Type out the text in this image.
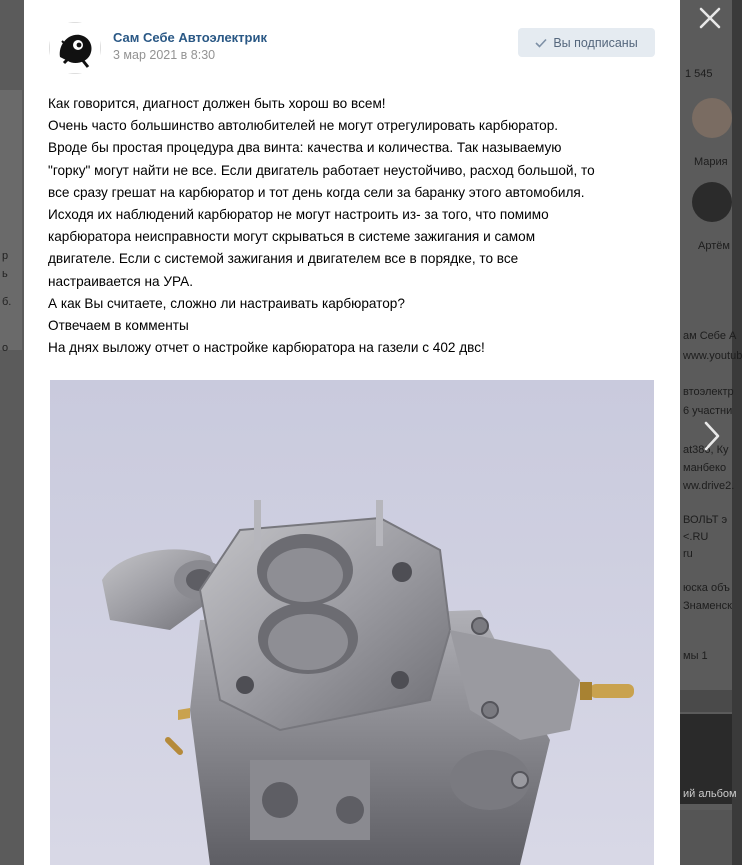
р
ь
б.
о
1 545
Мария
Артём
ам Себе А
www.youtub
втоэлектр
6 участни
at386, Ку
манбеко
ww.drive2.
ВОЛЬТ э
<.RU
ru
юска объ
Знаменск
мы 1
ий альбом
Сам Себе Автоэлектрик
3 мар 2021 в 8:30
Вы подписаны
Как говорится, диагност должен быть хорош во всем!
Очень часто большинство автолюбителей не могут отрегулировать карбюратор.
Вроде бы простая процедура два винта: качества и количества. Так называемую
"горку" могут найти не все. Если двигатель работает неустойчиво, расход большой, то
все сразу грешат на карбюратор и тот день когда сели за баранку этого автомобиля.
Исходя их наблюдений карбюратор не могут настроить из- за того, что помимо
карбюратора неисправности могут скрываться в системе зажигания и самом
двигателе. Если с системой зажигания и двигателем все в порядке, то все
настраивается на УРА.
А как Вы считаете, сложно ли настраивать карбюратор?
Отвечаем в комменты
На днях выложу отчет о настройке карбюратора на газели с 402 двс!
